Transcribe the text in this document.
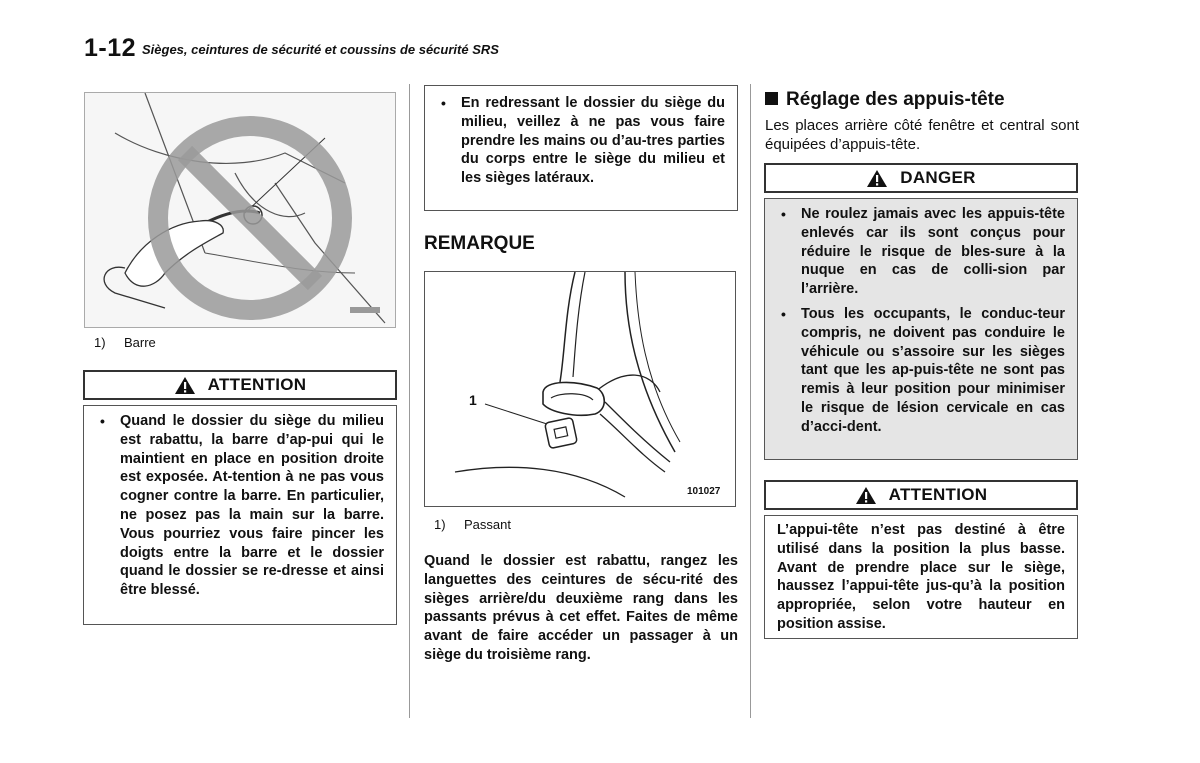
1-12 Sièges, ceintures de sécurité et coussins de sécurité SRS
1) Barre
ATTENTION
• Quand le dossier du siège du milieu est rabattu, la barre d’ap-pui qui le maintient en place en position droite est exposée. At-tention à ne pas vous cogner contre la barre. En particulier, ne posez pas la main sur la barre. Vous pourriez vous faire pincer les doigts entre la barre et le dossier quand le dossier se re-dresse et ainsi être blessé.
• En redressant le dossier du siège du milieu, veillez à ne pas vous faire prendre les mains ou d’au-tres parties du corps entre le siège du milieu et les sièges latéraux.
REMARQUE
1
101027
1) Passant
Quand le dossier est rabattu, rangez les languettes des ceintures de sécu-rité des sièges arrière/du deuxième rang dans les passants prévus à cet effet. Faites de même avant de faire accéder un passager à un siège du troisième rang.
Réglage des appuis-tête
Les places arrière côté fenêtre et central sont équipées d’appuis-tête.
DANGER
• Ne roulez jamais avec les appuis-tête enlevés car ils sont conçus pour réduire le risque de bles-sure à la nuque en cas de colli-sion par l’arrière.
• Tous les occupants, le conduc-teur compris, ne doivent pas conduire le véhicule ou s’assoire sur les sièges tant que les ap-puis-tête ne sont pas remis à leur position pour minimiser le risque de lésion cervicale en cas d’acci-dent.
ATTENTION

L’appui-tête n’est pas destiné à être utilisé dans la position la plus basse. Avant de prendre place sur le siège, haussez l’appui-tête jus-qu’à la position appropriée, selon votre hauteur en position assise.
